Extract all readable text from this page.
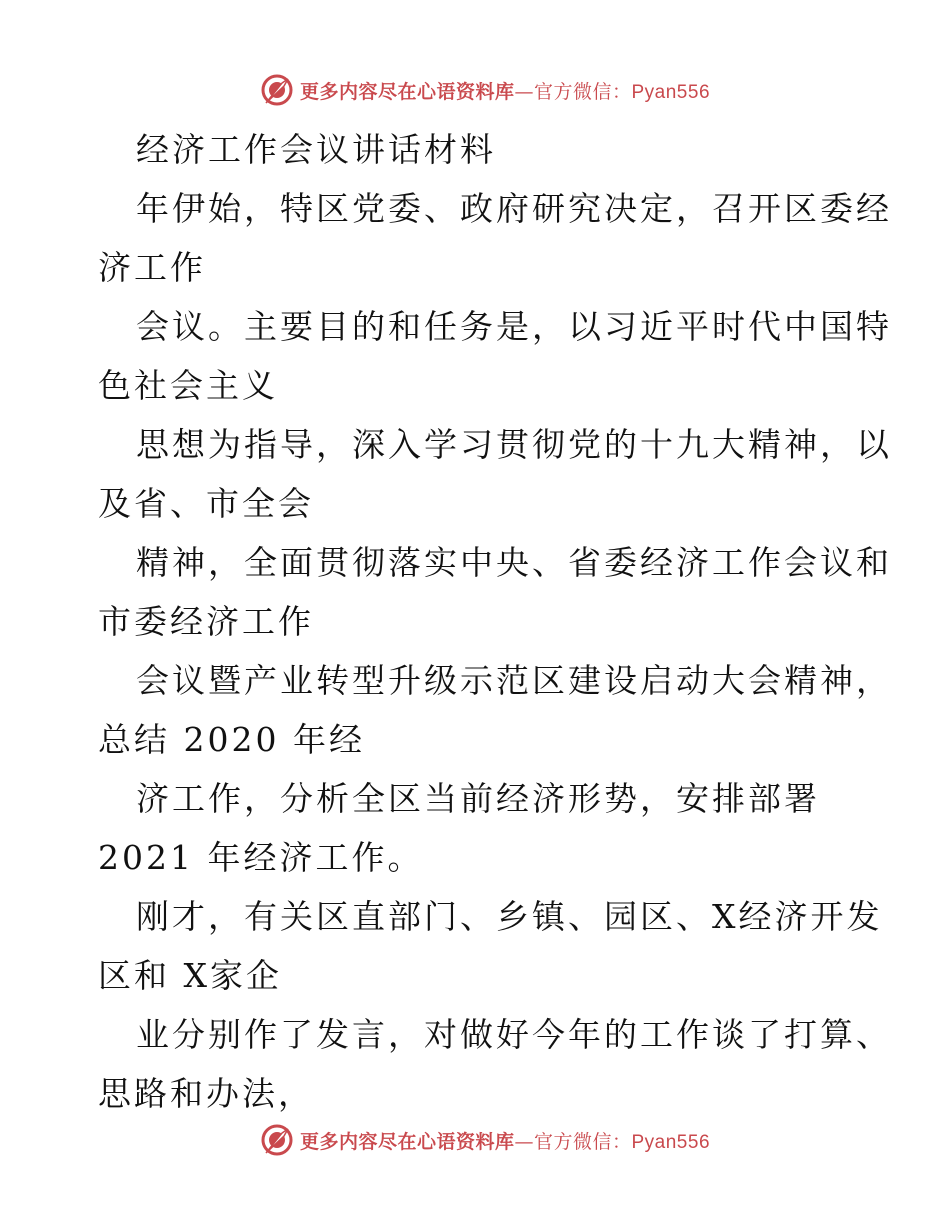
更多内容尽在心语资料库—官方微信：Pyan556
经济工作会议讲话材料
年伊始，特区党委、政府研究决定，召开区委经
济工作
会议。主要目的和任务是，以习近平时代中国特
色社会主义
思想为指导，深入学习贯彻党的十九大精神，以
及省、市全会
精神，全面贯彻落实中央、省委经济工作会议和
市委经济工作
会议暨产业转型升级示范区建设启动大会精神，
总结 2020 年经
济工作，分析全区当前经济形势，安排部署
2021 年经济工作。
刚才，有关区直部门、乡镇、园区、X经济开发
区和 X家企
业分别作了发言，对做好今年的工作谈了打算、
思路和办法，
更多内容尽在心语资料库—官方微信：Pyan556
